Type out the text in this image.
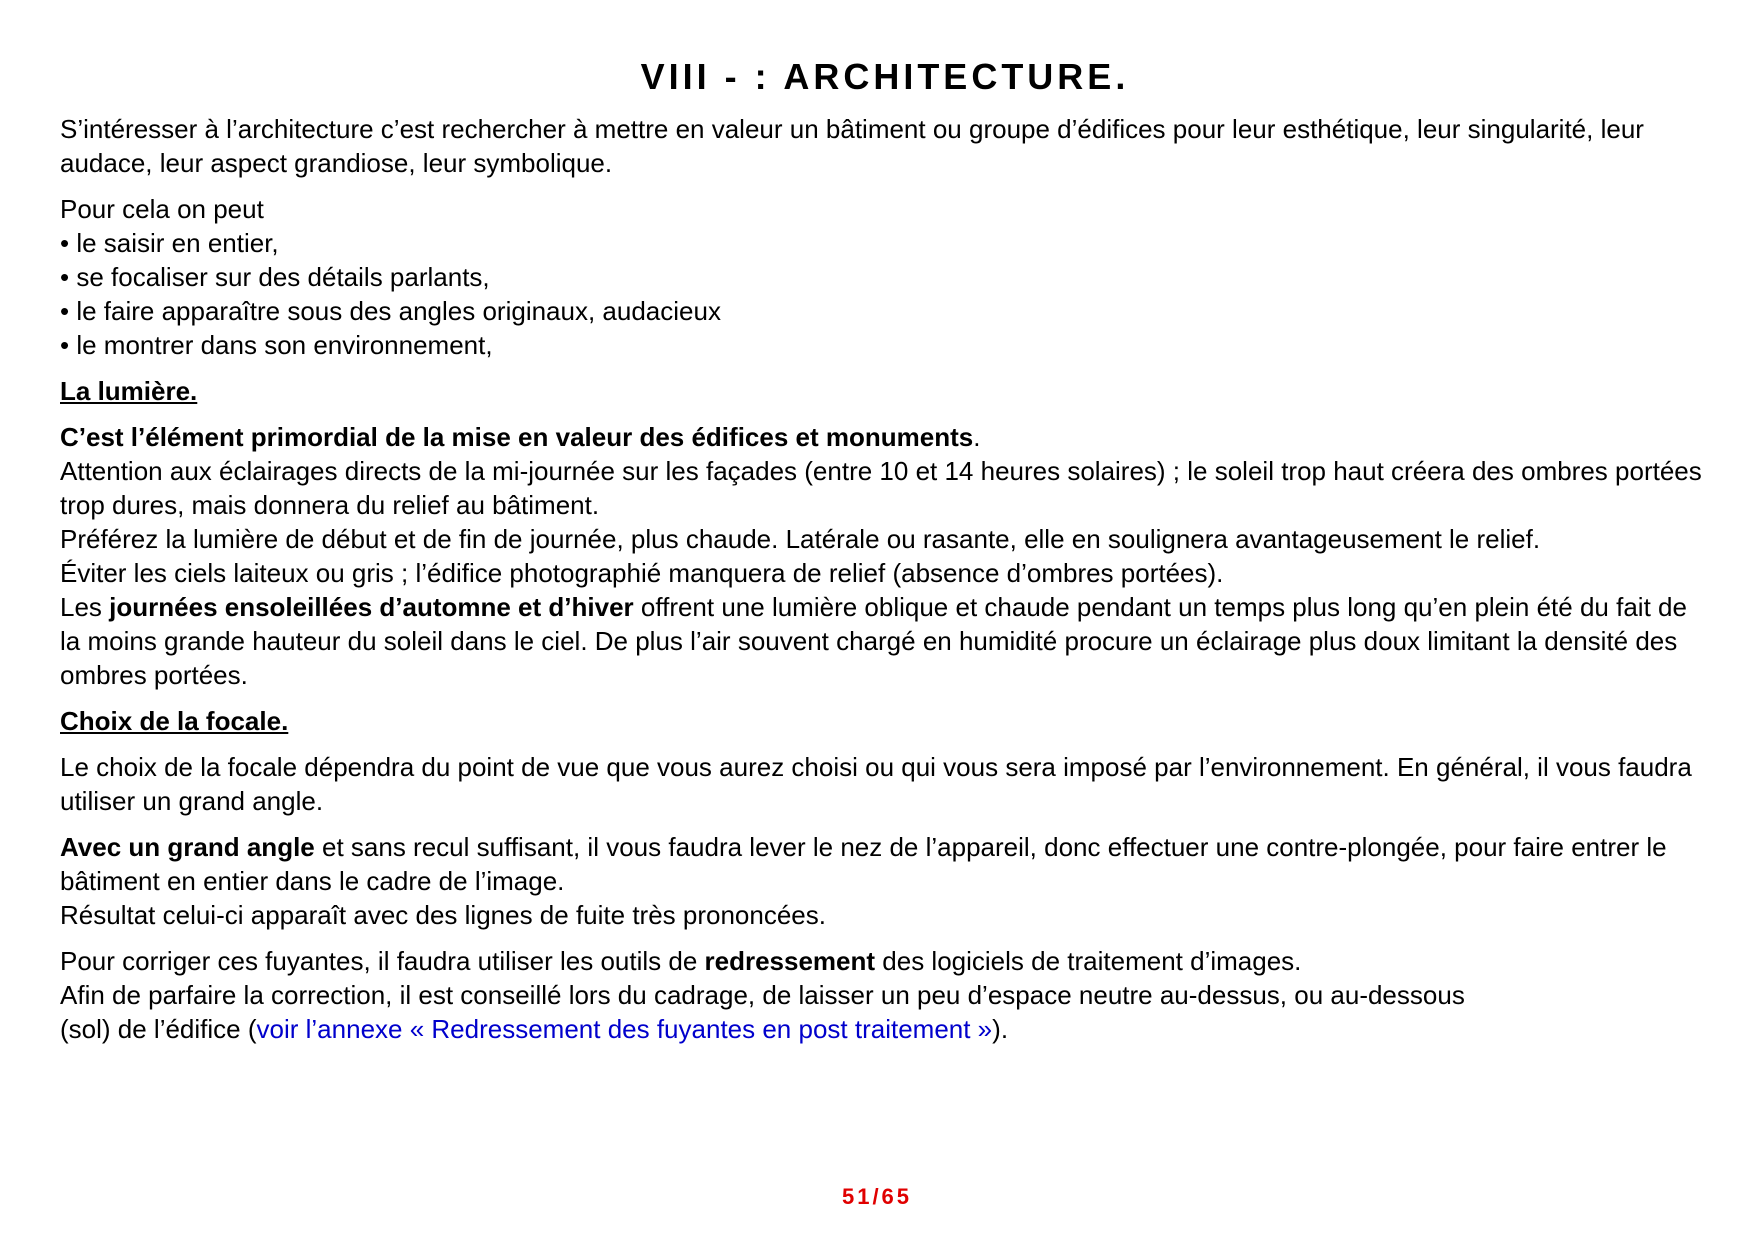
VIII - : ARCHITECTURE.

S’intéresser à l’architecture c’est rechercher à mettre en valeur un bâtiment ou groupe d’édifices pour leur esthétique, leur singularité, leur audace, leur aspect grandiose, leur symbolique.

Pour cela on peut

• le saisir en entier,

• se focaliser sur des détails parlants,

• le faire apparaître sous des angles originaux, audacieux

• le montrer dans son environnement,

La lumière.

C’est l’élément primordial de la mise en valeur des édifices et monuments.

Attention aux éclairages directs de la mi-journée sur les façades (entre 10 et 14 heures solaires) ; le soleil trop haut créera des ombres portées trop dures, mais donnera du relief au bâtiment.

Préférez la lumière de début et de fin de journée, plus chaude. Latérale ou rasante, elle en soulignera avantageusement le relief.

Éviter les ciels laiteux ou gris ; l’édifice photographié manquera de relief (absence d’ombres portées).

Les journées ensoleillées d’automne et d’hiver offrent une lumière oblique et chaude pendant un temps plus long qu’en plein été du fait de la moins grande hauteur du soleil dans le ciel. De plus l’air souvent chargé en humidité procure un éclairage plus doux limitant la densité des ombres portées.

Choix de la focale.

Le choix de la focale dépendra du point de vue que vous aurez choisi ou qui vous sera imposé par l’environnement. En général, il vous faudra utiliser un grand angle.

Avec un grand angle et sans recul suffisant, il vous faudra lever le nez de l’appareil, donc effectuer une contre-plongée, pour faire entrer le bâtiment en entier dans le cadre de l’image.

Résultat celui-ci apparaît avec des lignes de fuite très prononcées.

Pour corriger ces fuyantes, il faudra utiliser les outils de redressement des logiciels de traitement d’images.

Afin de parfaire la correction, il est conseillé lors du cadrage, de laisser un peu d’espace neutre au-dessus, ou au-dessous

(sol) de l’édifice (voir l’annexe « Redressement des fuyantes en post traitement »).

51/65
